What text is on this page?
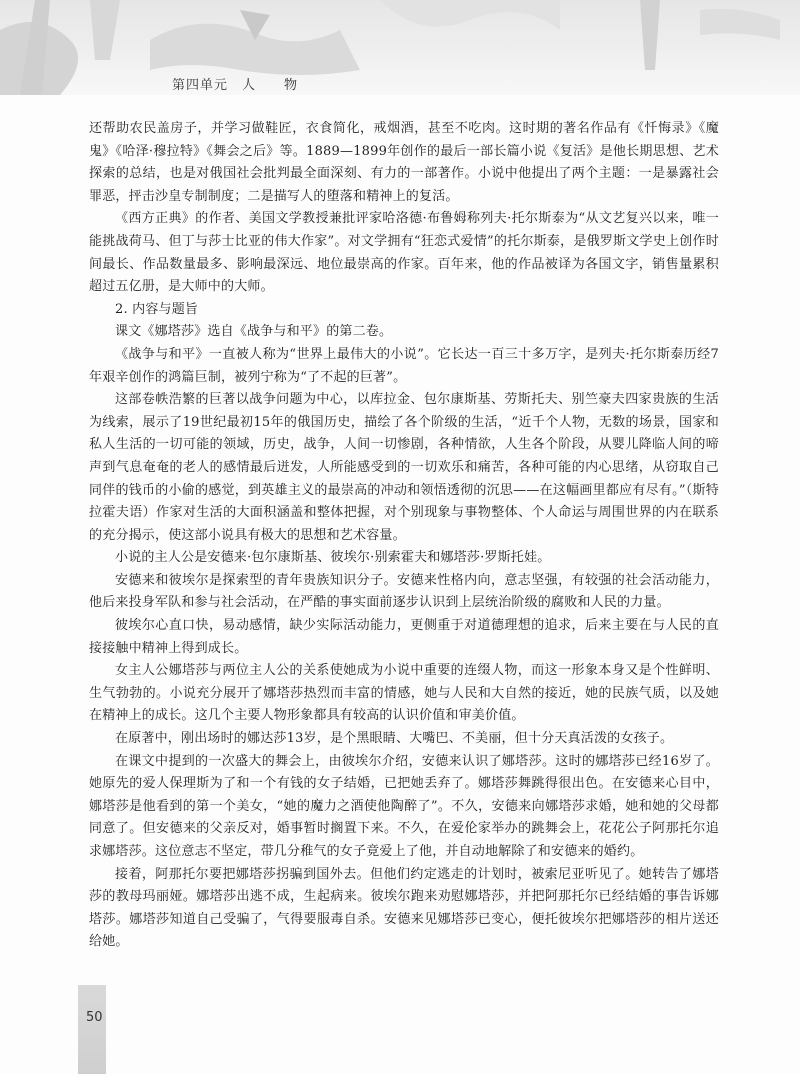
第四单元　人　　物

还帮助农民盖房子，并学习做鞋匠，衣食简化，戒烟酒，甚至不吃肉。这时期的著名作品有《忏悔录》《魔鬼》《哈泽·穆拉特》《舞会之后》等。1889—1899年创作的最后一部长篇小说《复活》是他长期思想、艺术探索的总结，也是对俄国社会批判最全面深刻、有力的一部著作。小说中他提出了两个主题：一是暴露社会罪恶，抨击沙皇专制制度；二是描写人的堕落和精神上的复活。

《西方正典》的作者、美国文学教授兼批评家哈洛德·布鲁姆称列夫·托尔斯泰为“从文艺复兴以来，唯一能挑战荷马、但丁与莎士比亚的伟大作家”。对文学拥有“狂恋式爱情”的托尔斯泰，是俄罗斯文学史上创作时间最长、作品数量最多、影响最深远、地位最崇高的作家。百年来，他的作品被译为各国文字，销售量累积超过五亿册，是大师中的大师。

2. 内容与题旨

课文《娜塔莎》选自《战争与和平》的第二卷。

《战争与和平》一直被人称为“世界上最伟大的小说”。它长达一百三十多万字，是列夫·托尔斯泰历经7年艰辛创作的鸿篇巨制，被列宁称为“了不起的巨著”。

这部卷帙浩繁的巨著以战争问题为中心，以库拉金、包尔康斯基、劳斯托夫、别竺豪夫四家贵族的生活为线索，展示了19世纪最初15年的俄国历史，描绘了各个阶级的生活，“近千个人物，无数的场景，国家和私人生活的一切可能的领域，历史，战争，人间一切惨剧，各种情欲，人生各个阶段，从婴儿降临人间的啼声到气息奄奄的老人的感情最后迸发，人所能感受到的一切欢乐和痛苦，各种可能的内心思绪，从窃取自己同伴的钱币的小偷的感觉，到英雄主义的最崇高的冲动和领悟透彻的沉思——在这幅画里都应有尽有。”（斯特拉霍夫语）作家对生活的大面积涵盖和整体把握，对个别现象与事物整体、个人命运与周围世界的内在联系的充分揭示，使这部小说具有极大的思想和艺术容量。

小说的主人公是安德来·包尔康斯基、彼埃尔·别索霍夫和娜塔莎·罗斯托娃。

安德来和彼埃尔是探索型的青年贵族知识分子。安德来性格内向，意志坚强，有较强的社会活动能力，他后来投身军队和参与社会活动，在严酷的事实面前逐步认识到上层统治阶级的腐败和人民的力量。

彼埃尔心直口快，易动感情，缺少实际活动能力，更侧重于对道德理想的追求，后来主要在与人民的直接接触中精神上得到成长。

女主人公娜塔莎与两位主人公的关系使她成为小说中重要的连缀人物，而这一形象本身又是个性鲜明、生气勃勃的。小说充分展开了娜塔莎热烈而丰富的情感，她与人民和大自然的接近，她的民族气质，以及她在精神上的成长。这几个主要人物形象都具有较高的认识价值和审美价值。

在原著中，刚出场时的娜达莎13岁，是个黑眼睛、大嘴巴、不美丽，但十分天真活泼的女孩子。

在课文中提到的一次盛大的舞会上，由彼埃尔介绍，安德来认识了娜塔莎。这时的娜塔莎已经16岁了。她原先的爱人保理斯为了和一个有钱的女子结婚，已把她丢弃了。娜塔莎舞跳得很出色。在安德来心目中，娜塔莎是他看到的第一个美女，“她的魔力之酒使他陶醉了”。不久，安德来向娜塔莎求婚，她和她的父母都同意了。但安德来的父亲反对，婚事暂时搁置下来。不久，在爱伦家举办的跳舞会上，花花公子阿那托尔追求娜塔莎。这位意志不坚定，带几分稚气的女子竟爱上了他，并自动地解除了和安德来的婚约。

接着，阿那托尔要把娜塔莎拐骗到国外去。但他们约定逃走的计划时，被索尼亚听见了。她转告了娜塔莎的教母玛丽娅。娜塔莎出逃不成，生起病来。彼埃尔跑来劝慰娜塔莎，并把阿那托尔已经结婚的事告诉娜塔莎。娜塔莎知道自己受骗了，气得要服毒自杀。安德来见娜塔莎已变心，便托彼埃尔把娜塔莎的相片送还给她。

50
